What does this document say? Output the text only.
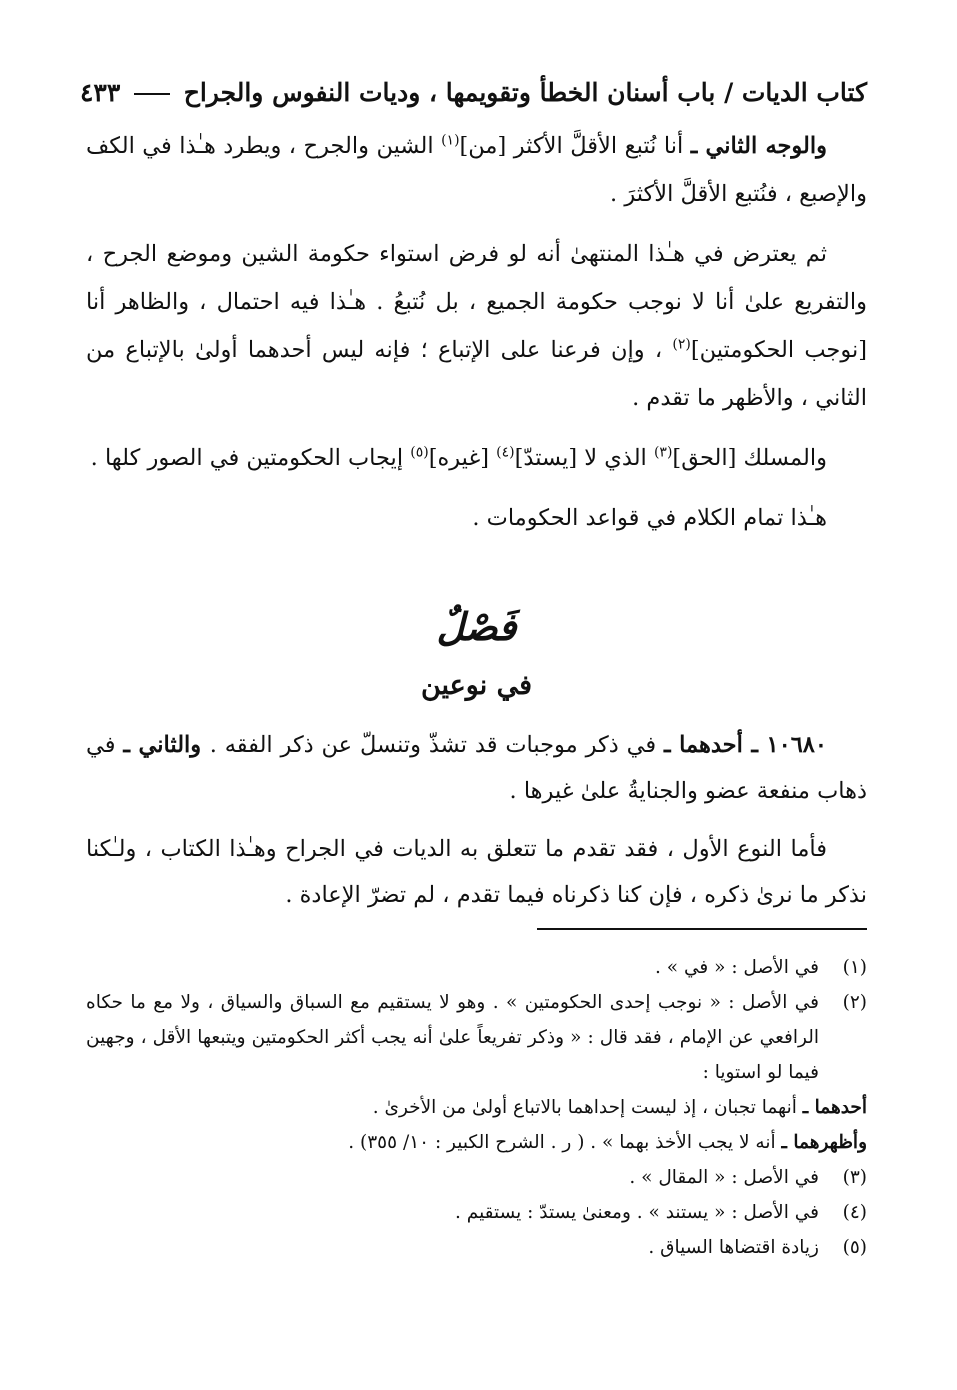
كتاب الديات / باب أسنان الخطأ وتقويمها ، وديات النفوس والجراح
٤٣٣

والوجه الثاني ـ أنا نُتبع الأقلَّ الأكثر [من]$^{(١)}$ الشين والجرح ، ويطرد هـٰذا في الكف والإصبع ، فنُتبع الأقلَّ الأكثرَ .

ثم يعترض في هـٰذا المنتهىٰ أنه لو فرض استواء حكومة الشين وموضع الجرح ، والتفريع علىٰ أنا لا نوجب حكومة الجميع ، بل نُتبعُ . هـٰذا فيه احتمال ، والظاهر أنا [نوجب الحكومتين]$^{(٢)}$ ، وإن فرعنا على الإتباع ؛ فإنه ليس أحدهما أولىٰ بالإتباع من الثاني ، والأظهر ما تقدم .

والمسلك [الحق]$^{(٣)}$ الذي لا [يستدّ]$^{(٤)}$ [غيره]$^{(٥)}$ إيجاب الحكومتين في الصور كلها .

هـٰذا تمام الكلام في قواعد الحكومات .

فَصْلٌ
في نوعين

١٠٦٨٠ ـ أحدهما ـ في ذكر موجبات قد تشذّ وتنسلّ عن ذكر الفقه . والثاني ـ في ذهاب منفعة عضو والجنايةُ علىٰ غيرها .

فأما النوع الأول ، فقد تقدم ما تتعلق به الديات في الجراح وهـٰذا الكتاب ، ولـٰكنا نذكر ما نرىٰ ذكره ، فإن كنا ذكرناه فيما تقدم ، لم تضرّ الإعادة .

(١)
في الأصل : « في » .
(٢)
في الأصل : « نوجب إحدى الحكومتين » . وهو لا يستقيم مع السباق والسياق ، ولا مع ما حكاه الرافعي عن الإمام ، فقد قال : « وذكر تفريعاً علىٰ أنه يجب أكثر الحكومتين ويتبعها الأقل ، وجهين فيما لو استويا :
أحدهما ـ أنهما تجبان ، إذ ليست إحداهما بالاتباع أولىٰ من الأخرىٰ .
وأظهرهما ـ أنه لا يجب الأخذ بهما » . ( ر . الشرح الكبير : ١٠/ ٣٥٥) .
(٣)
في الأصل : « المقال » .
(٤)
في الأصل : « يستند » . ومعنىٰ يستدّ : يستقيم .
(٥)
زيادة اقتضاها السياق .
